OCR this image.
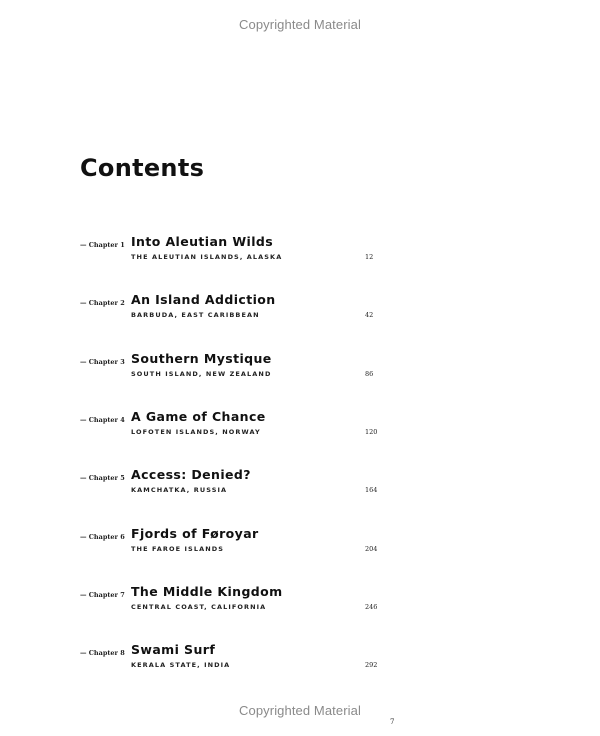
Copyrighted Material
Contents
— Chapter 1 Into Aleutian Wilds
THE ALEUTIAN ISLANDS, ALASKA	12
— Chapter 2 An Island Addiction
BARBUDA, EAST CARIBBEAN	42
— Chapter 3 Southern Mystique
SOUTH ISLAND, NEW ZEALAND	86
— Chapter 4 A Game of Chance
LOFOTEN ISLANDS, NORWAY	120
— Chapter 5 Access: Denied?
KAMCHATKA, RUSSIA	164
— Chapter 6 Fjords of Føroyar
THE FAROE ISLANDS	204
— Chapter 7 The Middle Kingdom
CENTRAL COAST, CALIFORNIA	246
— Chapter 8 Swami Surf
KERALA STATE, INDIA	292
Copyrighted Material
7
